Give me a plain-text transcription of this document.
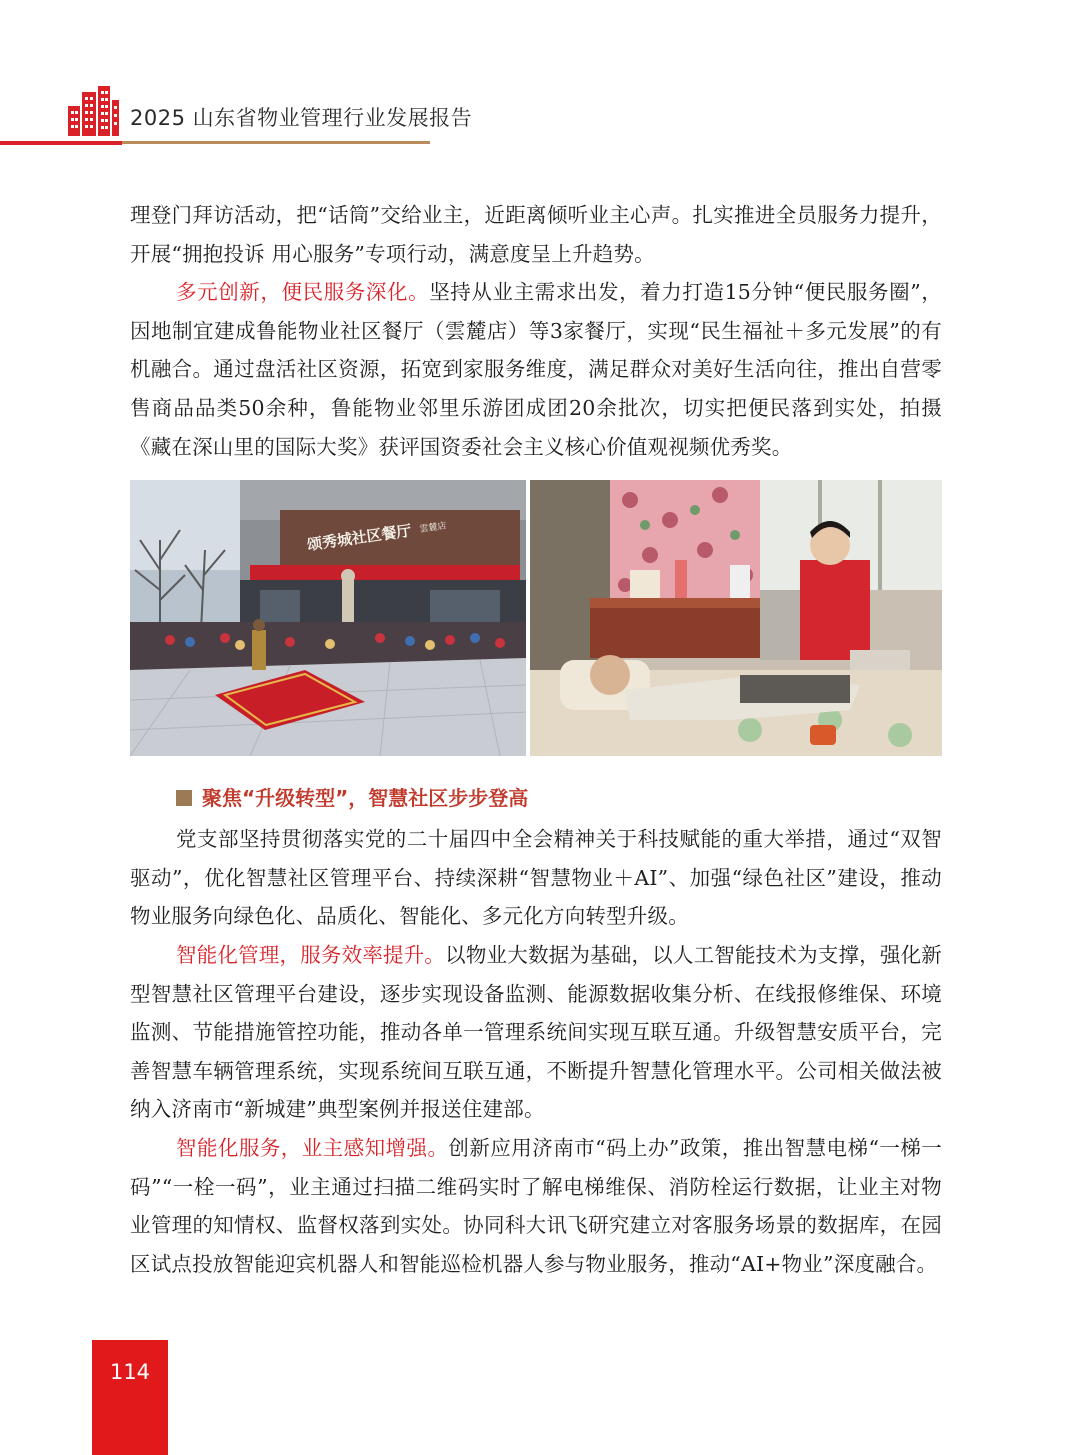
2025 山东省物业管理行业发展报告

理登门拜访活动，把“话筒”交给业主，近距离倾听业主心声。扎实推进全员服务力提升，开展“拥抱投诉 用心服务”专项行动，满意度呈上升趋势。

多元创新，便民服务深化。坚持从业主需求出发，着力打造15分钟“便民服务圈”，因地制宜建成鲁能物业社区餐厅（雲麓店）等3家餐厅，实现“民生福祉＋多元发展”的有机融合。通过盘活社区资源，拓宽到家服务维度，满足群众对美好生活向往，推出自营零售商品品类50余种，鲁能物业邻里乐游团成团20余批次，切实把便民落到实处，拍摄《藏在深山里的国际大奖》获评国资委社会主义核心价值观视频优秀奖。

颂秀城社区餐厅 雲麓店
聚焦“升级转型”，智慧社区步步登高

党支部坚持贯彻落实党的二十届四中全会精神关于科技赋能的重大举措，通过“双智驱动”，优化智慧社区管理平台、持续深耕“智慧物业＋AI”、加强“绿色社区”建设，推动物业服务向绿色化、品质化、智能化、多元化方向转型升级。

智能化管理，服务效率提升。以物业大数据为基础，以人工智能技术为支撑，强化新型智慧社区管理平台建设，逐步实现设备监测、能源数据收集分析、在线报修维保、环境监测、节能措施管控功能，推动各单一管理系统间实现互联互通。升级智慧安质平台，完善智慧车辆管理系统，实现系统间互联互通，不断提升智慧化管理水平。公司相关做法被纳入济南市“新城建”典型案例并报送住建部。

智能化服务，业主感知增强。创新应用济南市“码上办”政策，推出智慧电梯“一梯一码”“一栓一码”，业主通过扫描二维码实时了解电梯维保、消防栓运行数据，让业主对物业管理的知情权、监督权落到实处。协同科大讯飞研究建立对客服务场景的数据库，在园区试点投放智能迎宾机器人和智能巡检机器人参与物业服务，推动“AI+物业”深度融合。

114
